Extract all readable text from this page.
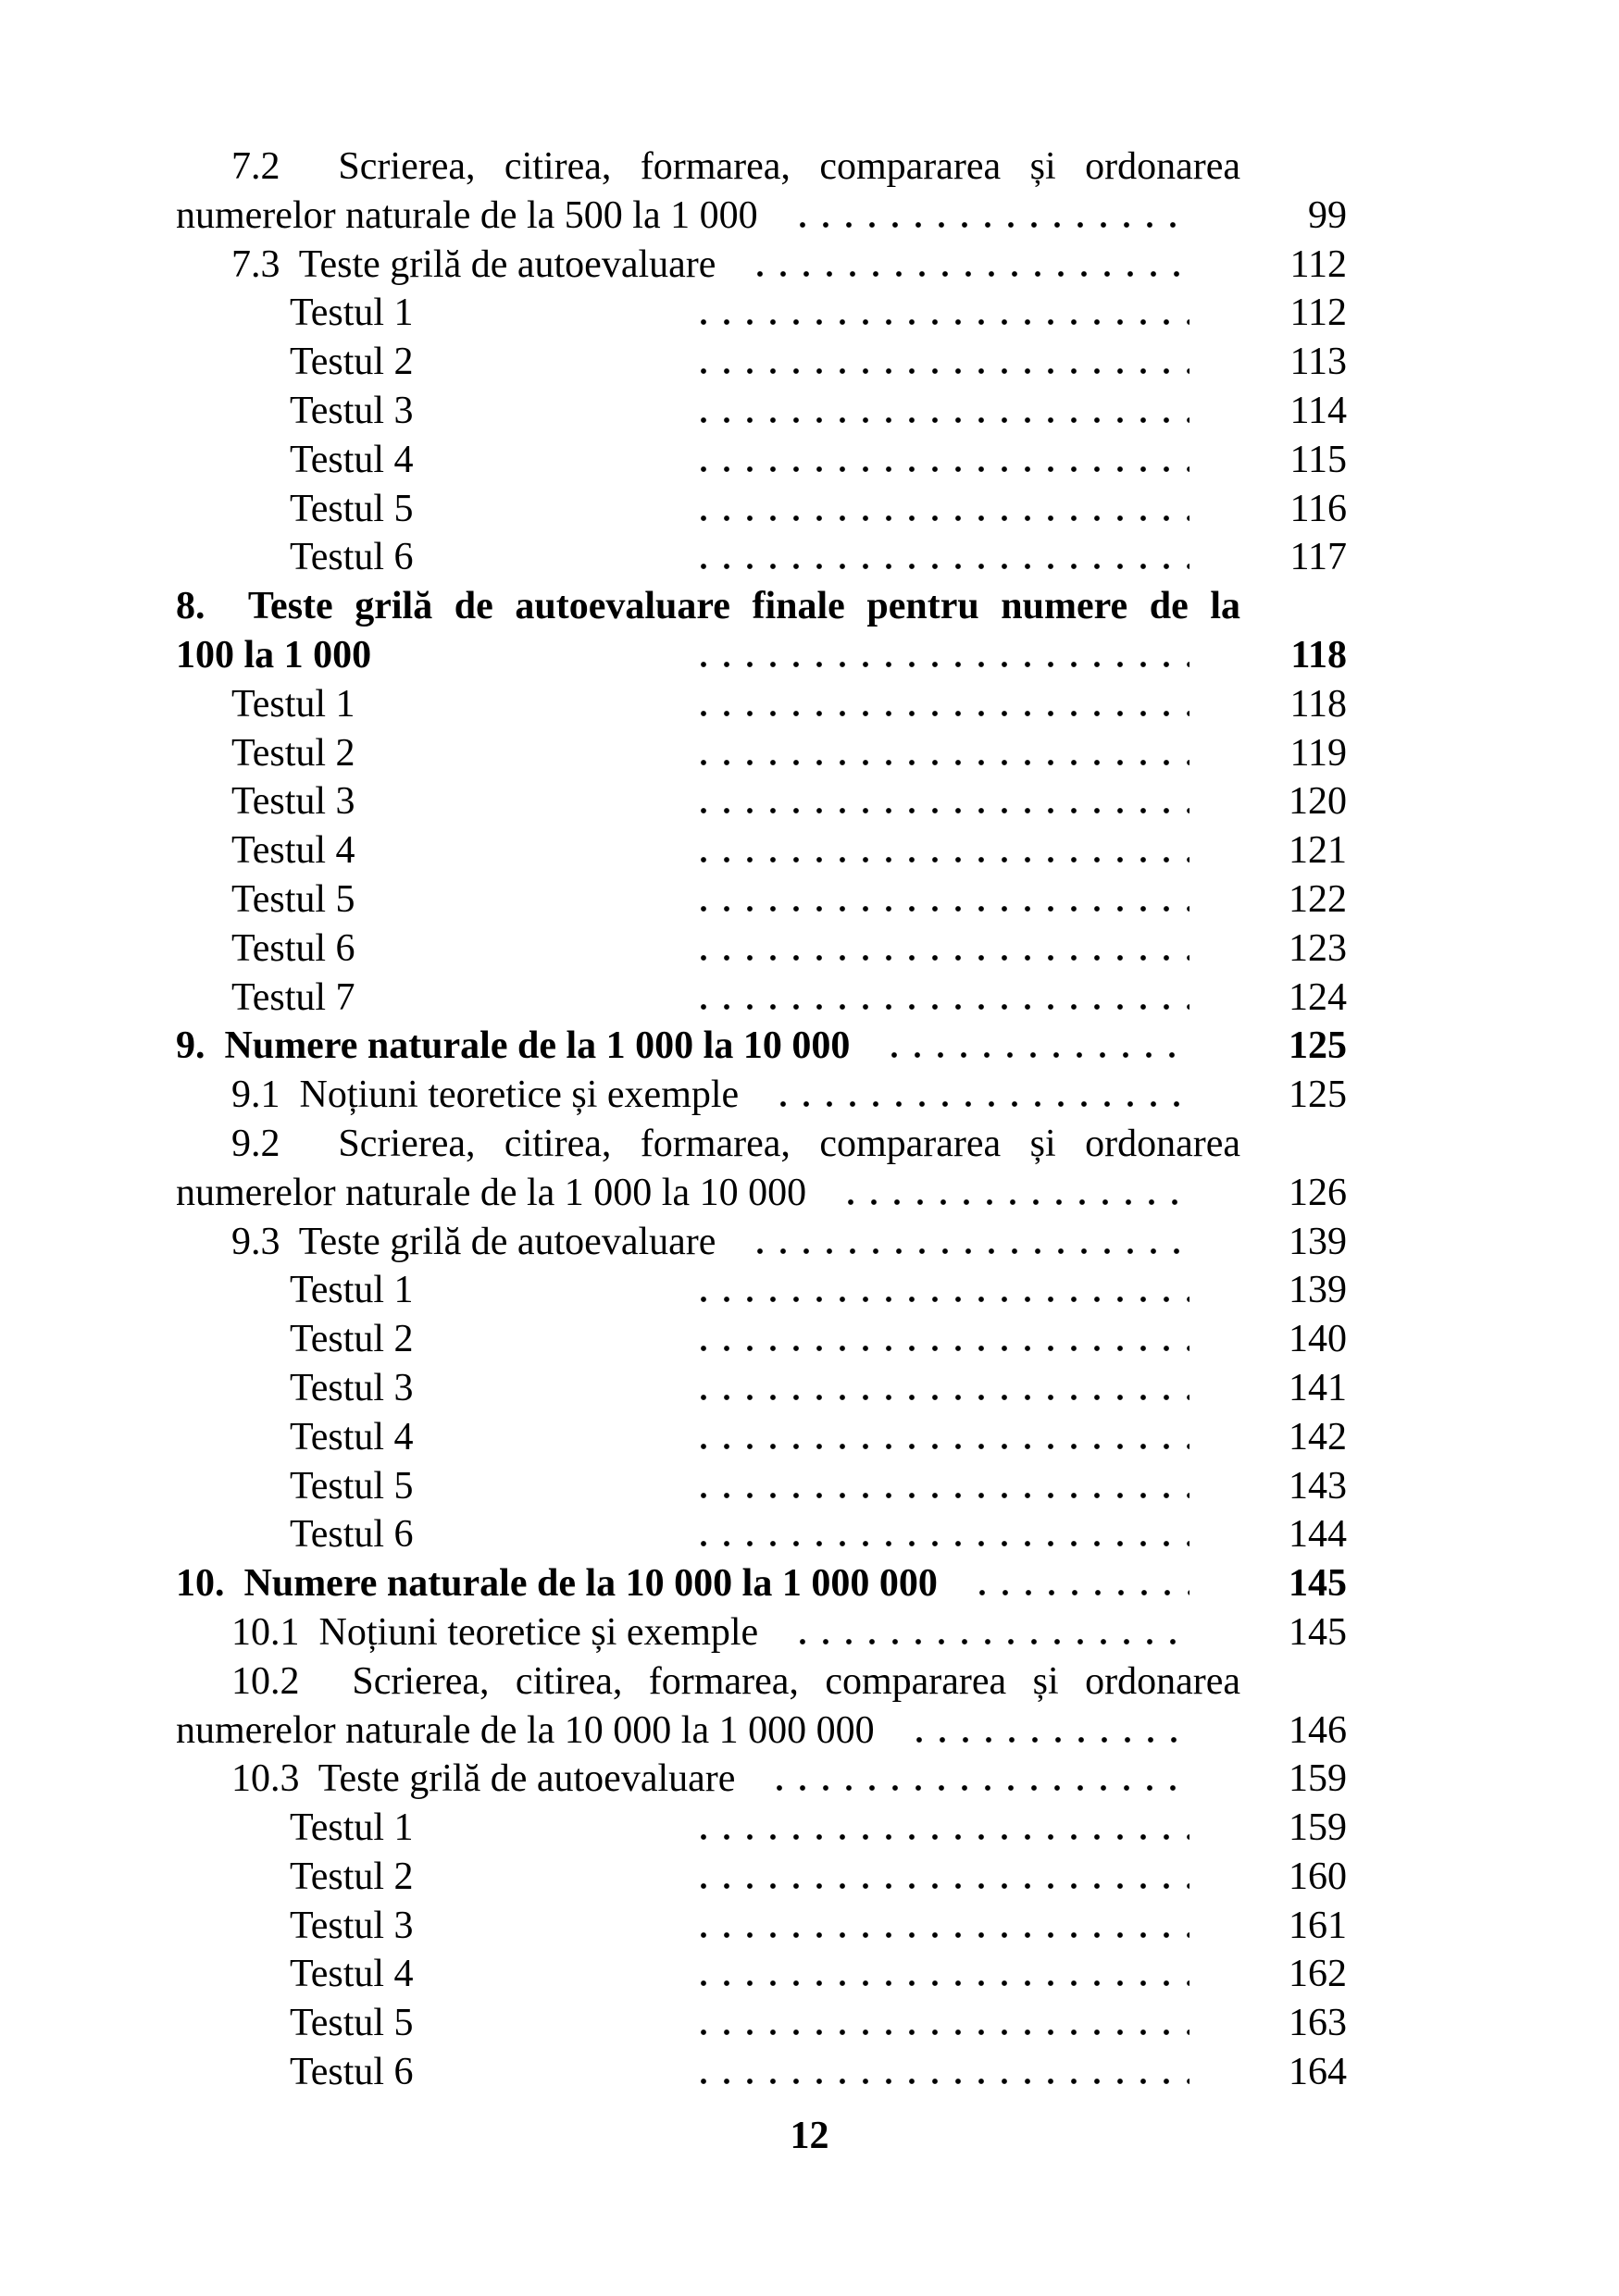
7.2  Scrierea, citirea, formarea, compararea și ordonarea
numerelor naturale de la 500 la 1 000	99
7.3  Teste grilă de autoevaluare	112
Testul 1	112
Testul 2	113
Testul 3	114
Testul 4	115
Testul 5	116
Testul 6	117
8.  Teste grilă de autoevaluare finale pentru numere de la
100 la 1 000	118
Testul 1	118
Testul 2	119
Testul 3	120
Testul 4	121
Testul 5	122
Testul 6	123
Testul 7	124
9.  Numere naturale de la 1 000 la 10 000	125
9.1  Noțiuni teoretice și exemple	125
9.2  Scrierea, citirea, formarea, compararea și ordonarea
numerelor naturale de la 1 000 la 10 000	126
9.3  Teste grilă de autoevaluare	139
Testul 1	139
Testul 2	140
Testul 3	141
Testul 4	142
Testul 5	143
Testul 6	144
10.  Numere naturale de la 10 000 la 1 000 000	145
10.1  Noțiuni teoretice și exemple	145
10.2  Scrierea, citirea, formarea, compararea și ordonarea
numerelor naturale de la 10 000 la 1 000 000	146
10.3  Teste grilă de autoevaluare	159
Testul 1	159
Testul 2	160
Testul 3	161
Testul 4	162
Testul 5	163
Testul 6	164
12
